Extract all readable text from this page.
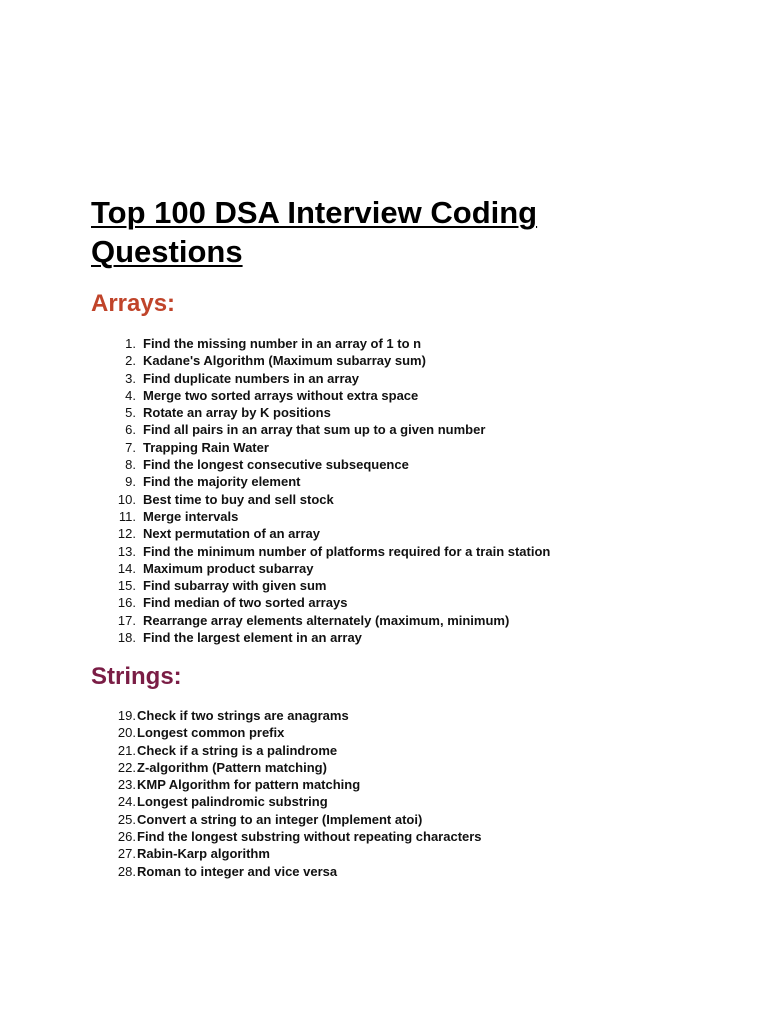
Top 100 DSA Interview Coding Questions
Arrays:
1. Find the missing number in an array of 1 to n
2. Kadane's Algorithm (Maximum subarray sum)
3. Find duplicate numbers in an array
4. Merge two sorted arrays without extra space
5. Rotate an array by K positions
6. Find all pairs in an array that sum up to a given number
7. Trapping Rain Water
8. Find the longest consecutive subsequence
9. Find the majority element
10. Best time to buy and sell stock
11. Merge intervals
12. Next permutation of an array
13. Find the minimum number of platforms required for a train station
14. Maximum product subarray
15. Find subarray with given sum
16. Find median of two sorted arrays
17. Rearrange array elements alternately (maximum, minimum)
18. Find the largest element in an array
Strings:
19. Check if two strings are anagrams
20. Longest common prefix
21. Check if a string is a palindrome
22. Z-algorithm (Pattern matching)
23. KMP Algorithm for pattern matching
24. Longest palindromic substring
25. Convert a string to an integer (Implement atoi)
26. Find the longest substring without repeating characters
27. Rabin-Karp algorithm
28. Roman to integer and vice versa
